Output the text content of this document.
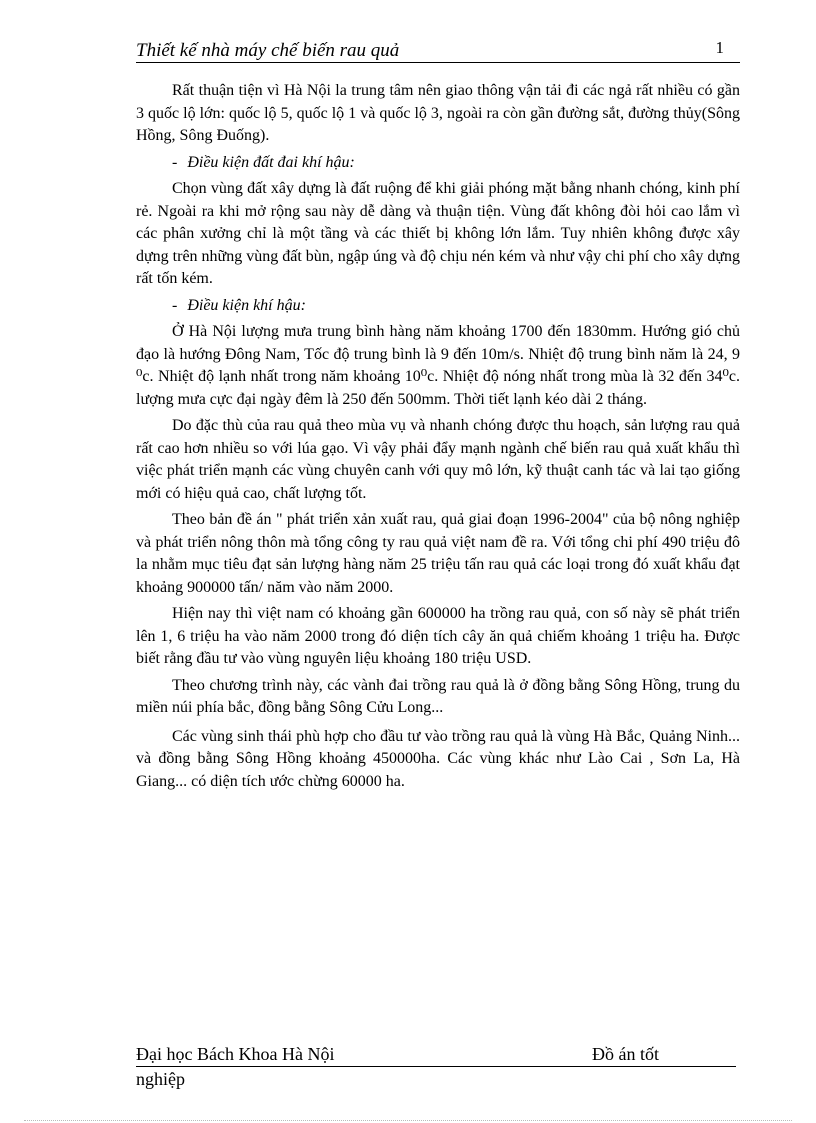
Thiết kế nhà máy chế biến rau quả	1

Rất thuận tiện vì Hà Nội la trung tâm nên giao thông vận tải đi các ngả rất nhiều có gần 3 quốc lộ lớn: quốc lộ 5, quốc lộ 1 và quốc lộ 3, ngoài ra còn gần đường sắt, đường thủy(Sông Hồng, Sông Đuống).

- Điều kiện đất đai khí hậu:

Chọn vùng đất xây dựng là đất ruộng để khi giải phóng mặt bằng nhanh chóng, kinh phí rẻ. Ngoài ra khi mở rộng sau này dễ dàng và thuận tiện. Vùng đất không đòi hỏi cao lắm vì các phân xưởng chỉ là một tầng và các thiết bị không lớn lắm. Tuy nhiên không được xây dựng trên những vùng đất bùn, ngập úng và độ chịu nén kém và như vậy chi phí cho xây dựng rất tốn kém.

- Điều kiện khí hậu:

Ở Hà Nội lượng mưa trung bình hàng năm khoảng 1700 đến 1830mm. Hướng gió chủ đạo là hướng Đông Nam, Tốc độ trung bình là 9 đến 10m/s. Nhiệt độ trung bình năm là 24, 9 ⁰c. Nhiệt độ lạnh nhất trong năm khoảng 10⁰c. Nhiệt độ nóng nhất trong mùa là 32 đến 34⁰c. lượng mưa cực đại ngày đêm là 250 đến 500mm. Thời tiết lạnh kéo dài 2 tháng.

Do đặc thù của rau quả theo mùa vụ và nhanh chóng được thu hoạch, sản lượng rau quả rất cao hơn nhiều so với lúa gạo. Vì vậy phải đẩy mạnh ngành chế biến rau quả xuất khẩu thì việc phát triển mạnh các vùng chuyên canh với quy mô lớn, kỹ thuật canh tác và lai tạo giống mới có hiệu quả cao, chất lượng tốt.

Theo bản đề án " phát triển xản xuất rau, quả giai đoạn 1996-2004" của bộ nông nghiệp và phát triển nông thôn mà tổng công ty rau quả việt nam đề ra. Với tổng chi phí 490 triệu đô la nhằm mục tiêu đạt sản lượng hàng năm 25 triệu tấn rau quả các loại trong đó xuất khẩu đạt khoảng 900000 tấn/ năm vào năm 2000.

Hiện nay thì việt nam có khoảng gần 600000 ha trồng rau quả, con số này sẽ phát triển lên 1, 6 triệu ha vào năm 2000 trong đó diện tích cây ăn quả chiếm khoảng 1 triệu ha. Được biết rằng đầu tư vào vùng nguyên liệu khoảng 180 triệu USD.

Theo chương trình này, các vành đai trồng rau quả là ở đồng bằng Sông Hồng, trung du miền núi phía bắc, đồng bằng Sông Cửu Long...

Các vùng sinh thái phù hợp cho đầu tư vào trồng rau quả là vùng Hà Bắc, Quảng Ninh... và đồng bằng Sông Hồng khoảng 450000ha. Các vùng khác như Lào Cai , Sơn La, Hà Giang... có diện tích ước chừng 60000 ha.

Đại học Bách Khoa Hà Nội	Đồ án tốt
nghiệp
